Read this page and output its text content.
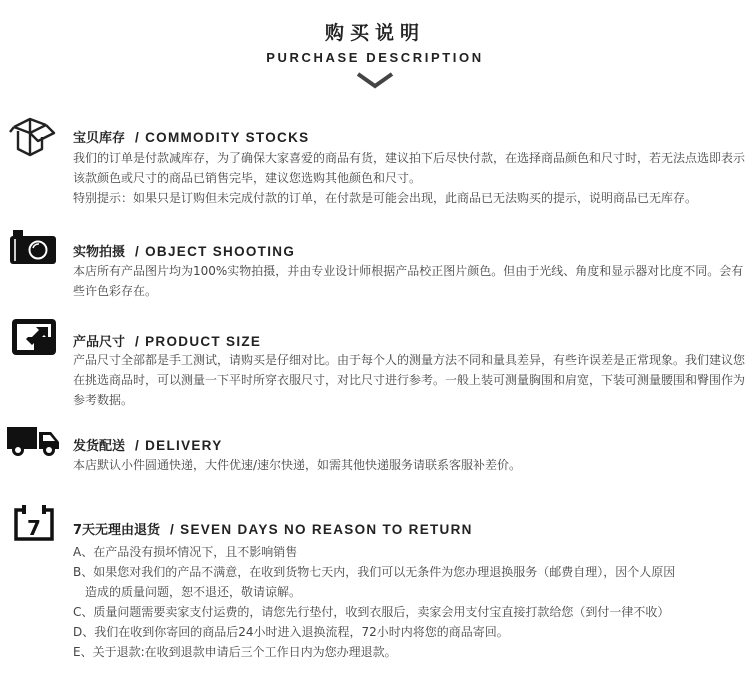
购买说明
PURCHASE DESCRIPTION
宝贝库存 / COMMODITY STOCKS

我们的订单是付款减库存，为了确保大家喜爱的商品有货，建议拍下后尽快付款，在选择商品颜色和尺寸时，若无法点选即表示该款颜色或尺寸的商品已销售完毕，建议您选购其他颜色和尺寸。

特别提示：如果只是订购但未完成付款的订单，在付款是可能会出现，此商品已无法购买的提示，说明商品已无库存。

实物拍摄 / OBJECT SHOOTING

本店所有产品图片均为100%实物拍摄，并由专业设计师根据产品校正图片颜色。但由于光线、角度和显示器对比度不同。会有些许色彩存在。

产品尺寸 / PRODUCT SIZE

产品尺寸全部都是手工测试，请购买是仔细对比。由于每个人的测量方法不同和量具差异，有些许误差是正常现象。我们建议您在挑选商品时，可以测量一下平时所穿衣服尺寸，对比尺寸进行参考。一般上装可测量胸围和肩宽，下装可测量腰围和臀围作为参考数据。

发货配送 / DELIVERY

本店默认小件圆通快递，大件优速/速尔快递，如需其他快递服务请联系客服补差价。

7 7天无理由退货 / SEVEN DAYS NO REASON TO RETURN

A、在产品没有损坏情况下，且不影响销售

B、如果您对我们的产品不满意，在收到货物七天内，我们可以无条件为您办理退换服务（邮费自理），因个人原因

造成的质量问题，恕不退还，敬请谅解。

C、质量问题需要卖家支付运费的，请您先行垫付，收到衣服后，卖家会用支付宝直接打款给您（到付一律不收）

D、我们在收到你寄回的商品后24小时进入退换流程，72小时内将您的商品寄回。

E、关于退款:在收到退款申请后三个工作日内为您办理退款。
